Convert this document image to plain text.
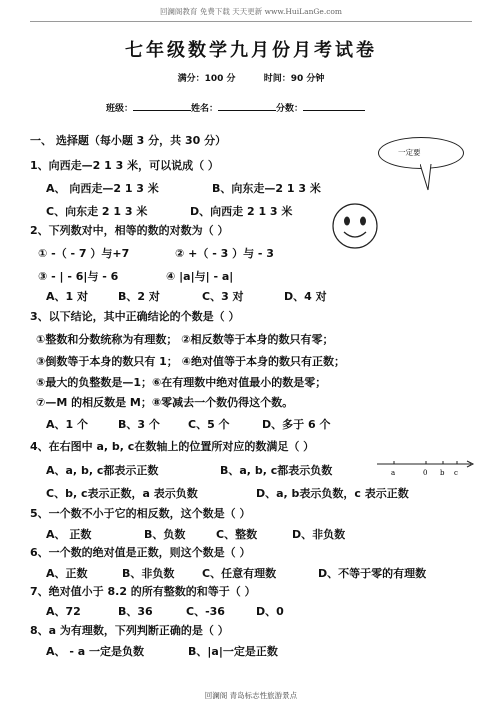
回澜阁教育 免费下载 天天更新 www.HuiLanGe.com
七年级数学九月份月考试卷
满分：100 分	时间：90 分钟
班级：	姓名：	分数：
一、 选择题（每小题 3 分，共 30 分）
一定要
1、向西走—2 1 3 米，可以说成（ ）
A、 向西走—2 1 3 米	B、向东走—2 1 3 米
C、向东走 2 1 3 米	D、向西走 2 1 3 米
2、下列数对中，相等的数的对数为（ ）
① -（ - 7 ）与+7	② +（ - 3 ）与 - 3
③ - | - 6|与 - 6	④ |a|与| - a|
A、1 对	B、2 对	C、3 对	D、4 对
3、以下结论，其中正确结论的个数是（ ）
①整数和分数统称为有理数； ②相反数等于本身的数只有零；
③倒数等于本身的数只有 1； ④绝对值等于本身的数只有正数；
⑤最大的负整数是—1；⑥在有理数中绝对值最小的数是零；
⑦—M 的相反数是 M；⑧零减去一个数仍得这个数。
A、1 个	B、3 个	C、5 个	D、多于 6 个
4、在右图中 a, b, c在数轴上的位置所对应的数满足（ ）
A、a, b, c都表示正数	B、a, b, c都表示负数
C、b, c表示正数，a 表示负数	D、a, b表示负数，c 表示正数
a	0 b c
5、一个数不小于它的相反数，这个数是（ ）
A、 正数	B、负数	C、整数	D、非负数
6、一个数的绝对值是正数，则这个数是（ ）
A、正数	B、非负数	C、任意有理数	D、不等于零的有理数
7、绝对值小于 8.2 的所有整数的和等于（ ）
A、72	B、36	C、-36	D、0
8、a 为有理数，下列判断正确的是（ ）
A、 - a 一定是负数	B、|a|一定是正数
回澜阁 青岛标志性旅游景点
